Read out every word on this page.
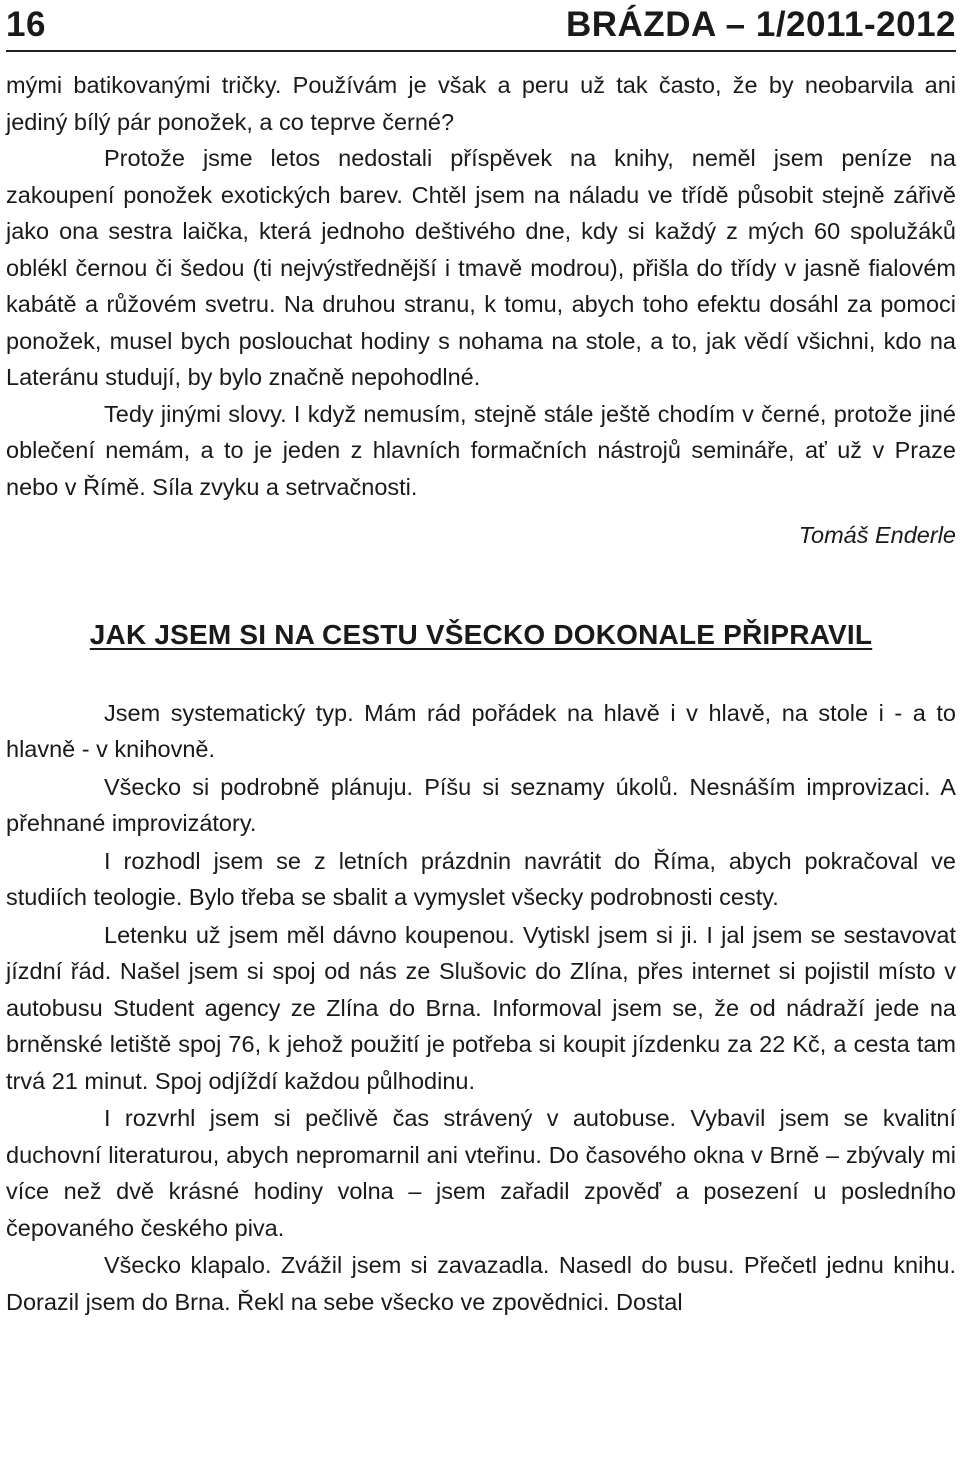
16	BRÁZDA – 1/2011-2012

mými batikovanými tričky. Používám je však a peru už tak často, že by neobarvila ani jediný bílý pár ponožek, a co teprve černé?

Protože jsme letos nedostali příspěvek na knihy, neměl jsem peníze na zakoupení ponožek exotických barev. Chtěl jsem na náladu ve třídě působit stejně zářivě jako ona sestra laička, která jednoho deštivého dne, kdy si každý z mých 60 spolužáků oblékl černou či šedou (ti nejvýstřednější i tmavě modrou), přišla do třídy v jasně fialovém kabátě a růžovém svetru. Na druhou stranu, k tomu, abych toho efektu dosáhl za pomoci ponožek, musel bych poslouchat hodiny s nohama na stole, a to, jak vědí všichni, kdo na Lateránu studují, by bylo značně nepohodlné.

Tedy jinými slovy. I když nemusím, stejně stále ještě chodím v černé, protože jiné oblečení nemám, a to je jeden z hlavních formačních nástrojů semináře, ať už v Praze nebo v Římě. Síla zvyku a setrvačnosti.

Tomáš Enderle
JAK JSEM SI NA CESTU VŠECKO DOKONALE PŘIPRAVIL

Jsem systematický typ. Mám rád pořádek na hlavě i v hlavě, na stole i - a to hlavně - v knihovně.

Všecko si podrobně plánuju. Píšu si seznamy úkolů. Nesnáším improvizaci. A přehnané improvizátory.

I rozhodl jsem se z letních prázdnin navrátit do Říma, abych pokračoval ve studiích teologie. Bylo třeba se sbalit a vymyslet všecky podrobnosti cesty.

Letenku už jsem měl dávno koupenou. Vytiskl jsem si ji. I jal jsem se sestavovat jízdní řád. Našel jsem si spoj od nás ze Slušovic do Zlína, přes internet si pojistil místo v autobusu Student agency ze Zlína do Brna. Informoval jsem se, že od nádraží jede na brněnské letiště spoj 76, k jehož použití je potřeba si koupit jízdenku za 22 Kč, a cesta tam trvá 21 minut. Spoj odjíždí každou půlhodinu.

I rozvrhl jsem si pečlivě čas strávený v autobuse. Vybavil jsem se kvalitní duchovní literaturou, abych nepromarnil ani vteřinu. Do časového okna v Brně – zbývaly mi více než dvě krásné hodiny volna – jsem zařadil zpověď a posezení u posledního čepovaného českého piva.

Všecko klapalo. Zvážil jsem si zavazadla. Nasedl do busu. Přečetl jednu knihu. Dorazil jsem do Brna. Řekl na sebe všecko ve zpovědnici. Dostal
